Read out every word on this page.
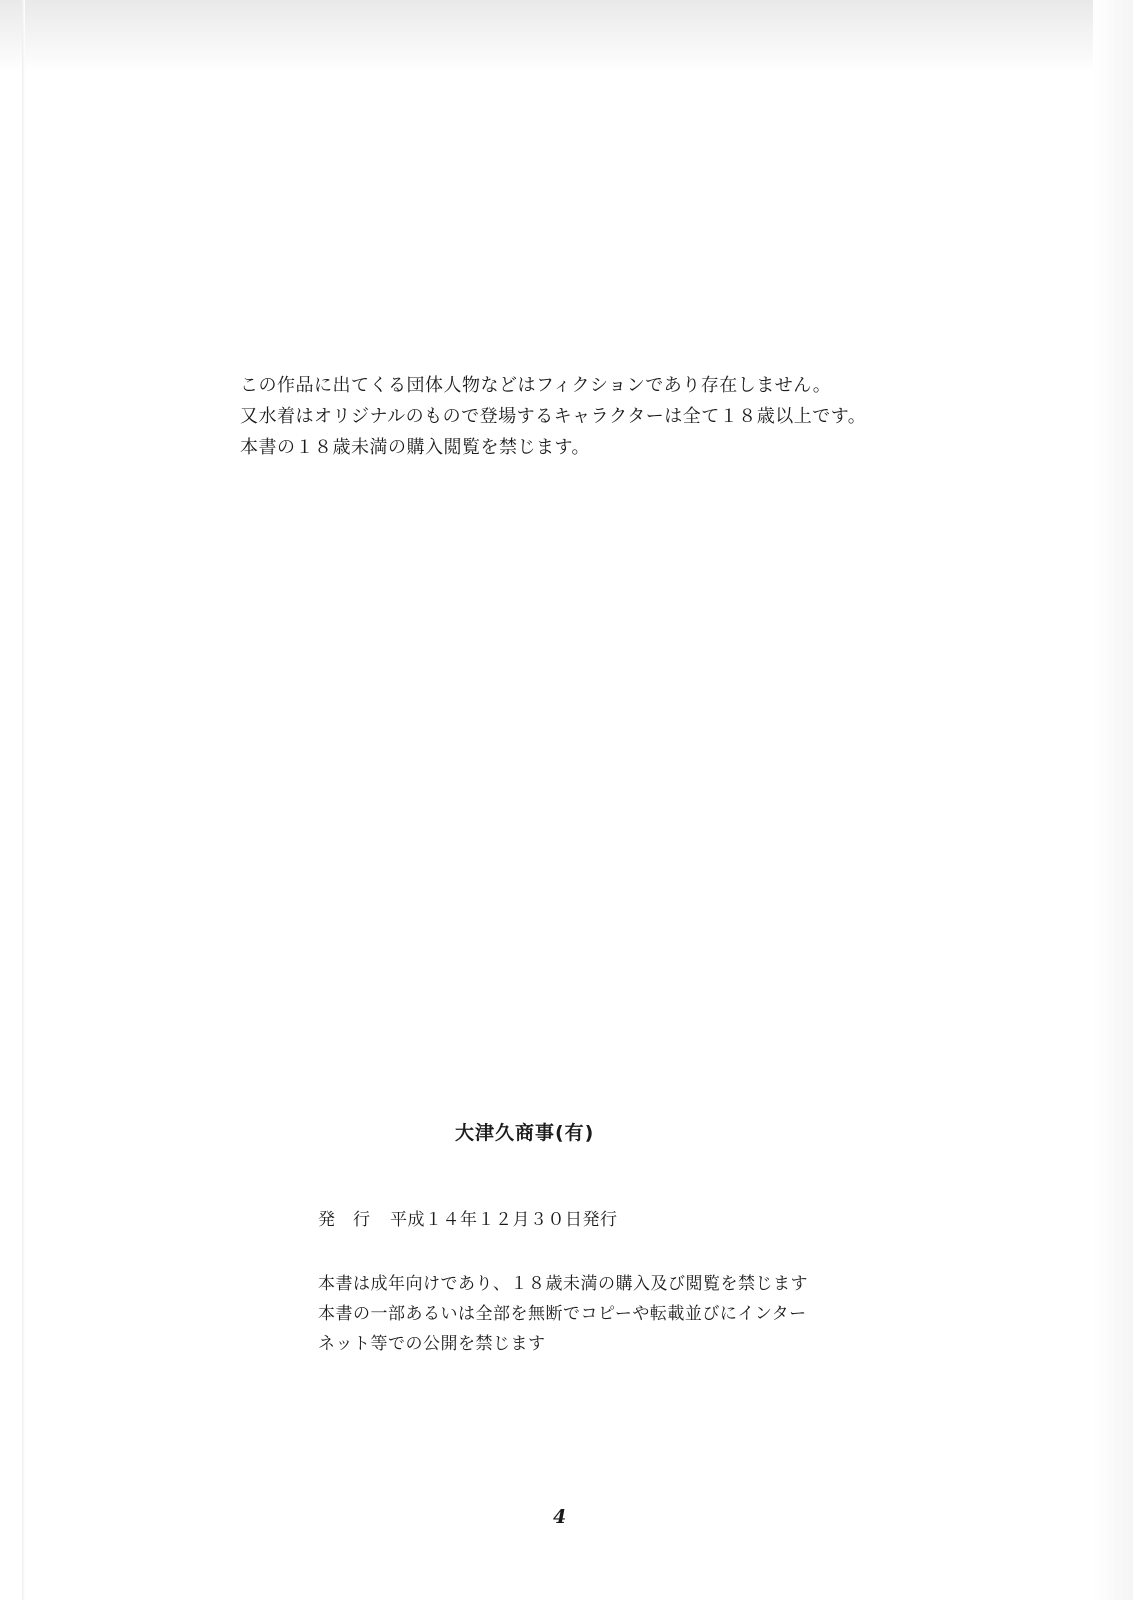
この作品に出てくる団体人物などはフィクションであり存在しません。
又水着はオリジナルのもので登場するキャラクターは全て１８歳以上です。
本書の１８歳未満の購入閲覧を禁じます。
大津久商事(有)
発　行 平成１４年１２月３０日発行
本書は成年向けであり、１８歳未満の購入及び閲覧を禁じます
本書の一部あるいは全部を無断でコピーや転載並びにインター
ネット等での公開を禁じます
4
